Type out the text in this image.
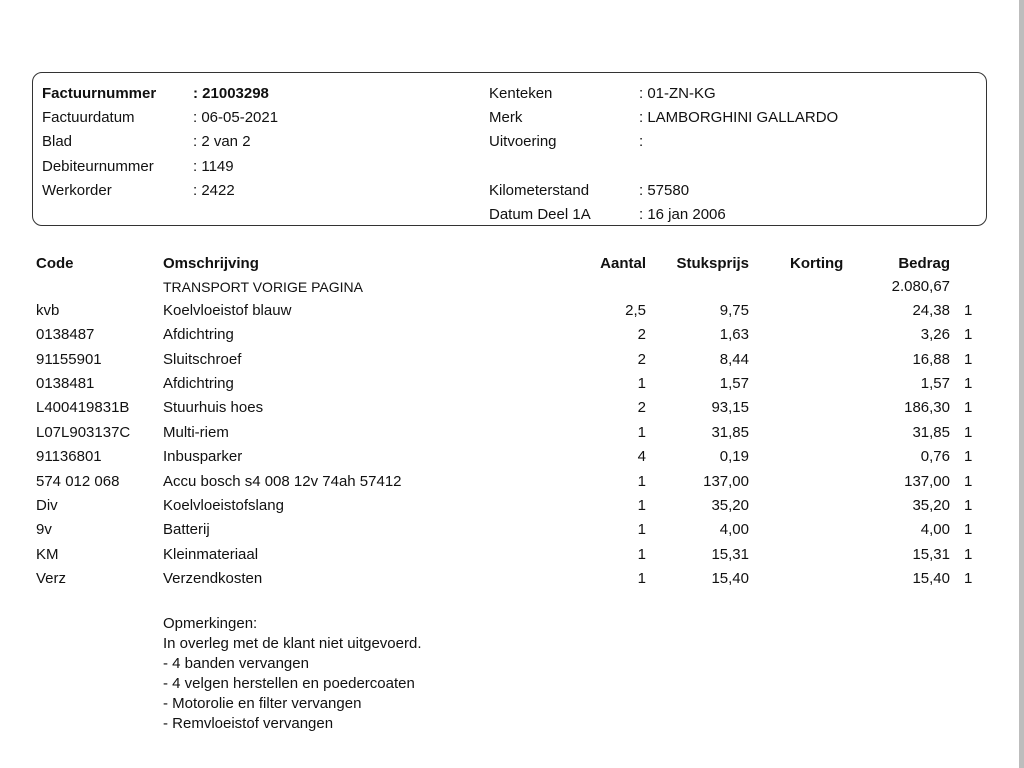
Factuurnummer : 21003298
Factuurdatum	: 06-05-2021
Blad	: 2 van 2
Debiteurnummer	: 1149
Werkorder	: 2422
Kenteken	: 01-ZN-KG
Merk	: LAMBORGHINI GALLARDO
Uitvoering	:
Kilometerstand	: 57580
Datum Deel 1A	: 16 jan 2006
Code	Omschrijving	Aantal Stuksprijs	Korting	Bedrag
TRANSPORT VORIGE PAGINA	2.080,67
kvb	Koelvloeistof blauw	2,5	9,75	24,38 1
0138487	Afdichtring	2	1,63	3,26 1
91155901	Sluitschroef	2	8,44	16,88 1
0138481	Afdichtring	1	1,57	1,57 1
L400419831B Stuurhuis hoes	2	93,15	186,30 1
L07L903137C Multi-riem	1	31,85	31,85 1
91136801	Inbusparker	4	0,19	0,76 1
574 012 068	Accu bosch s4 008 12v 74ah 57412	1	137,00	137,00 1
Div	Koelvloeistofslang	1	35,20	35,20 1
9v	Batterij	1	4,00	4,00 1
KM	Kleinmateriaal	1	15,31	15,31 1
Verz	Verzendkosten	1	15,40	15,40 1
Opmerkingen:
In overleg met de klant niet uitgevoerd.
- 4 banden vervangen
- 4 velgen herstellen en poedercoaten
- Motorolie en filter vervangen
- Remvloeistof vervangen
